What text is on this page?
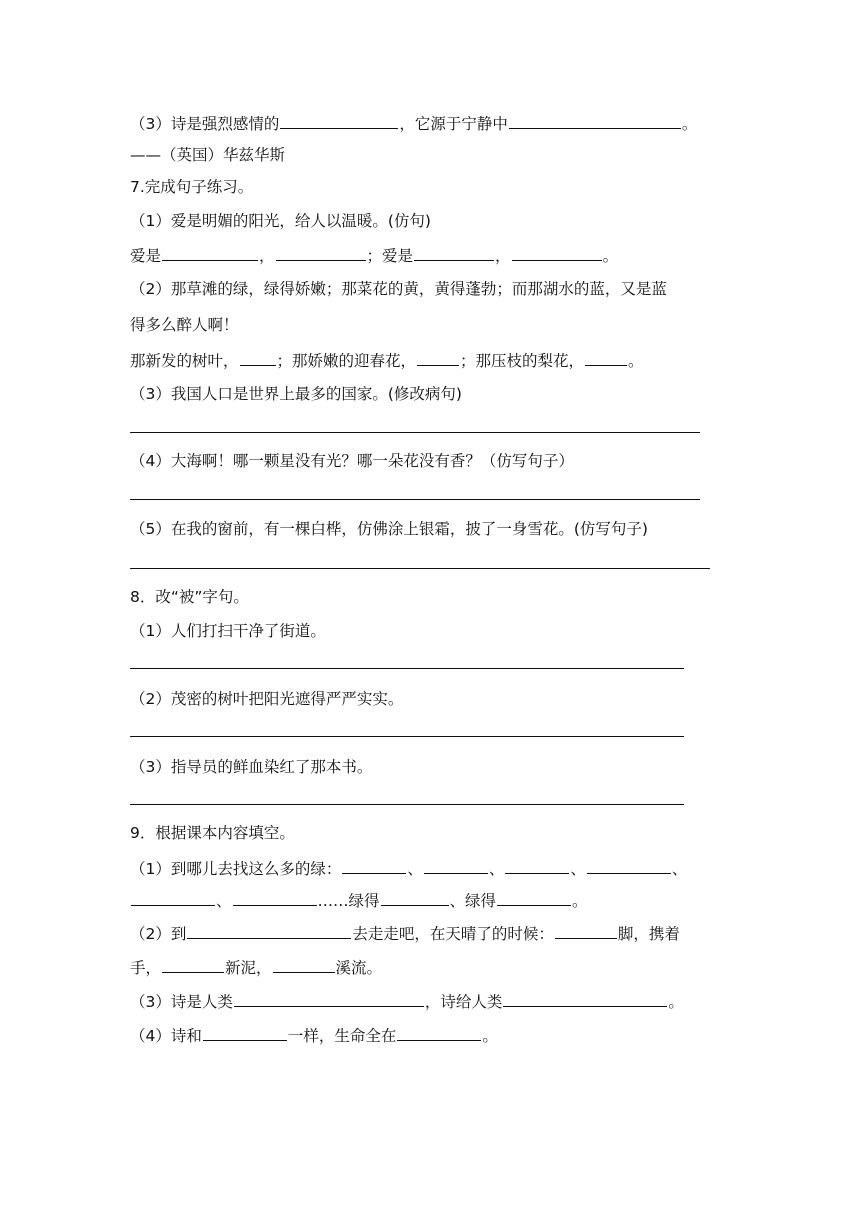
（3）诗是强烈感情的	，它源于宁静中	。
——（英国）华兹华斯
7.完成句子练习。
（1）爱是明媚的阳光，给人以温暖。(仿句)
爱是	，	；爱是	，	。
（2）那草滩的绿，绿得娇嫩；那菜花的黄，黄得蓬勃；而那湖水的蓝，又是蓝
得多么醉人啊！
那新发的树叶， ；那娇嫩的迎春花，	；那压枝的梨花，	。
（3）我国人口是世界上最多的国家。(修改病句)
（4）大海啊！哪一颗星没有光？哪一朵花没有香？（仿写句子）
（5）在我的窗前，有一棵白桦，仿佛涂上银霜，披了一身雪花。(仿写句子)
8．改“被”字句。
（1）人们打扫干净了街道。
（2）茂密的树叶把阳光遮得严严实实。
（3）指导员的鲜血染红了那本书。
9．根据课本内容填空。
（1）到哪儿去找这么多的绿：	、	、	、	、
、	……绿得	、绿得	。
（2）到	去走走吧，在天晴了的时候：	脚，携着
手，	新泥，	溪流。
（3）诗是人类	，诗给人类	。
（4）诗和	一样，生命全在	。
